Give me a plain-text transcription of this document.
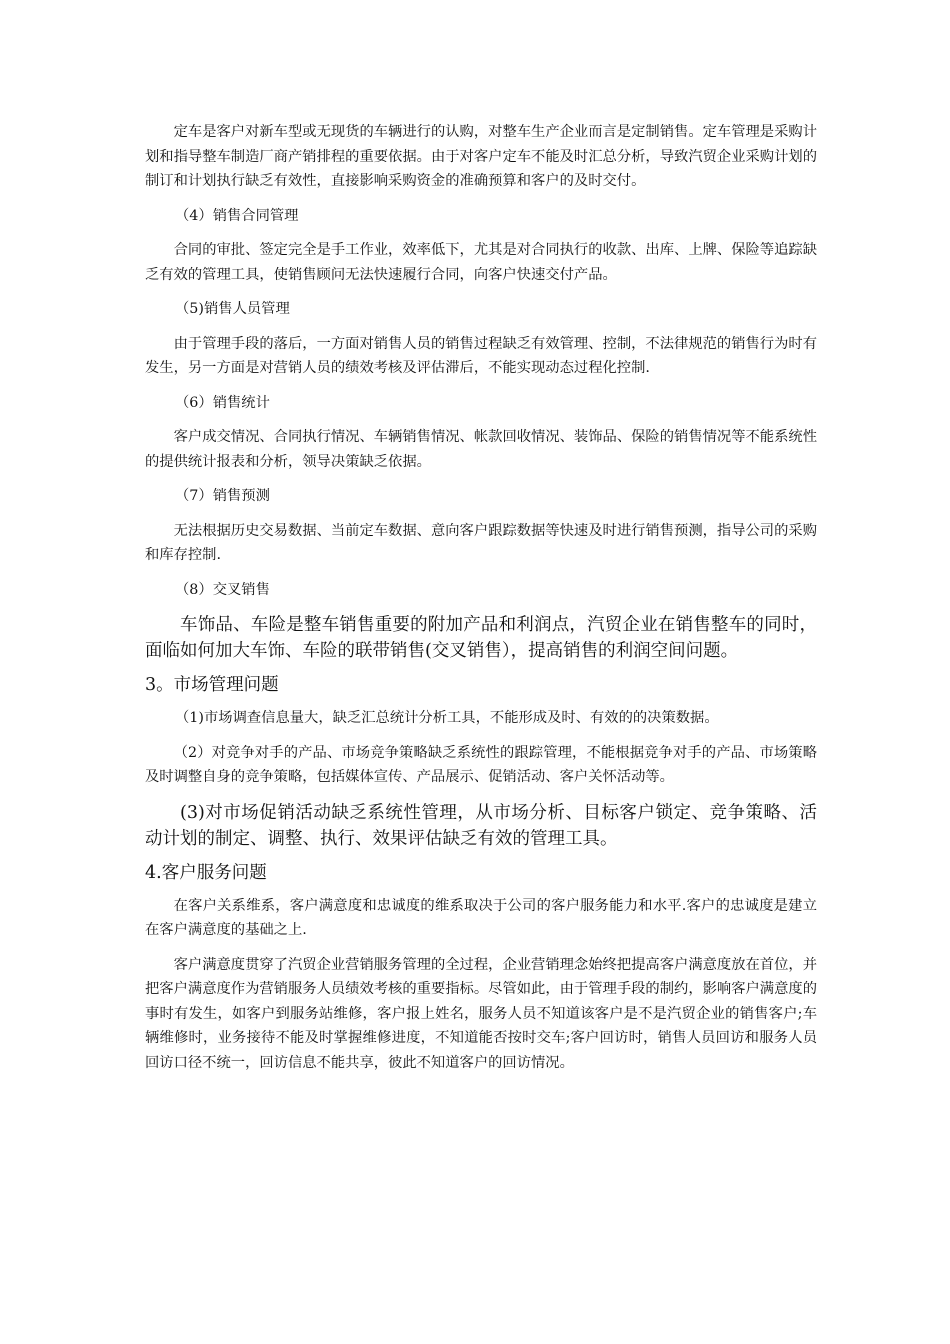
定车是客户对新车型或无现货的车辆进行的认购，对整车生产企业而言是定制销售。定车管理是采购计划和指导整车制造厂商产销排程的重要依据。由于对客户定车不能及时汇总分析，导致汽贸企业采购计划的制订和计划执行缺乏有效性，直接影响采购资金的准确预算和客户的及时交付。

（4）销售合同管理

合同的审批、签定完全是手工作业，效率低下，尤其是对合同执行的收款、出库、上牌、保险等追踪缺乏有效的管理工具，使销售顾问无法快速履行合同，向客户快速交付产品。

（5)销售人员管理

由于管理手段的落后，一方面对销售人员的销售过程缺乏有效管理、控制，不法律规范的销售行为时有发生，另一方面是对营销人员的绩效考核及评估滞后，不能实现动态过程化控制.

（6）销售统计

客户成交情况、合同执行情况、车辆销售情况、帐款回收情况、装饰品、保险的销售情况等不能系统性的提供统计报表和分析，领导决策缺乏依据。

（7）销售预测

无法根据历史交易数据、当前定车数据、意向客户跟踪数据等快速及时进行销售预测，指导公司的采购和库存控制.

（8）交叉销售

车饰品、车险是整车销售重要的附加产品和利润点，汽贸企业在销售整车的同时，面临如何加大车饰、车险的联带销售(交叉销售），提高销售的利润空间问题。

3。市场管理问题

（1)市场调查信息量大，缺乏汇总统计分析工具，不能形成及时、有效的的决策数据。

（2）对竞争对手的产品、市场竞争策略缺乏系统性的跟踪管理，不能根据竞争对手的产品、市场策略及时调整自身的竞争策略，包括媒体宣传、产品展示、促销活动、客户关怀活动等。

(3)对市场促销活动缺乏系统性管理，从市场分析、目标客户锁定、竞争策略、活动计划的制定、调整、执行、效果评估缺乏有效的管理工具。

4.客户服务问题

在客户关系维系，客户满意度和忠诚度的维系取决于公司的客户服务能力和水平.客户的忠诚度是建立在客户满意度的基础之上.

客户满意度贯穿了汽贸企业营销服务管理的全过程，企业营销理念始终把提高客户满意度放在首位，并把客户满意度作为营销服务人员绩效考核的重要指标。尽管如此，由于管理手段的制约，影响客户满意度的事时有发生，如客户到服务站维修，客户报上姓名，服务人员不知道该客户是不是汽贸企业的销售客户;车辆维修时，业务接待不能及时掌握维修进度，不知道能否按时交车;客户回访时，销售人员回访和服务人员回访口径不统一，回访信息不能共享，彼此不知道客户的回访情况。
